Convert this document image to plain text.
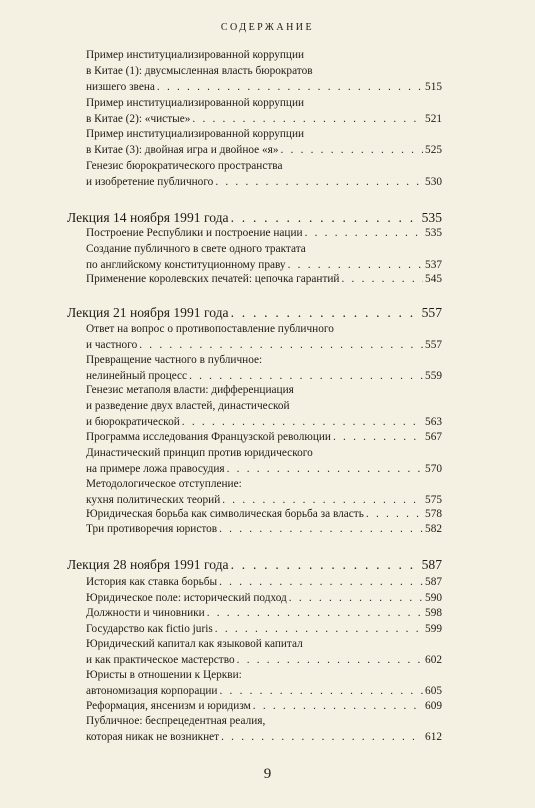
СОДЕРЖАНИЕ
Пример институциализированной коррупции
в Китае (1): двусмысленная власть бюрократов
низшего звена . . .	515
Пример институциализированной коррупции
в Китае (2): «чистые» . . .	521
Пример институциализированной коррупции
в Китае (3): двойная игра и двойное «я» . . .	525
Генезис бюрократического пространства
и изобретение публичного . . .	530
Лекция 14 ноября 1991 года . . .	535
Построение Республики и построение нации . . .	535
Создание публичного в свете одного трактата
по английскому конституционному праву . . .	537
Применение королевских печатей: цепочка гарантий . . .	545
Лекция 21 ноября 1991 года . . .	557
Ответ на вопрос о противопоставление публичного
и частного . . .	557
Превращение частного в публичное:
нелинейный процесс . . .	559
Генезис метаполя власти: дифференциация
и разведение двух властей, династической
и бюрократической . . .	563
Программа исследования Французской революции . . .	567
Династический принцип против юридического
на примере ложа правосудия . . .	570
Методологическое отступление:
кухня политических теорий . . .	575
Юридическая борьба как символическая борьба за власть . . .	578
Три противоречия юристов . . .	582
Лекция 28 ноября 1991 года . . .	587
История как ставка борьбы . . .	587
Юридическое поле: исторический подход . . .	590
Должности и чиновники . . .	598
Государство как fictio juris . . .	599
Юридический капитал как языковой капитал
и как практическое мастерство . . .	602
Юристы в отношении к Церкви:
автономизация корпорации . . .	605
Реформация, янсенизм и юридизм . . .	609
Публичное: беспрецедентная реалия,
которая никак не возникнет . . .	612
9
